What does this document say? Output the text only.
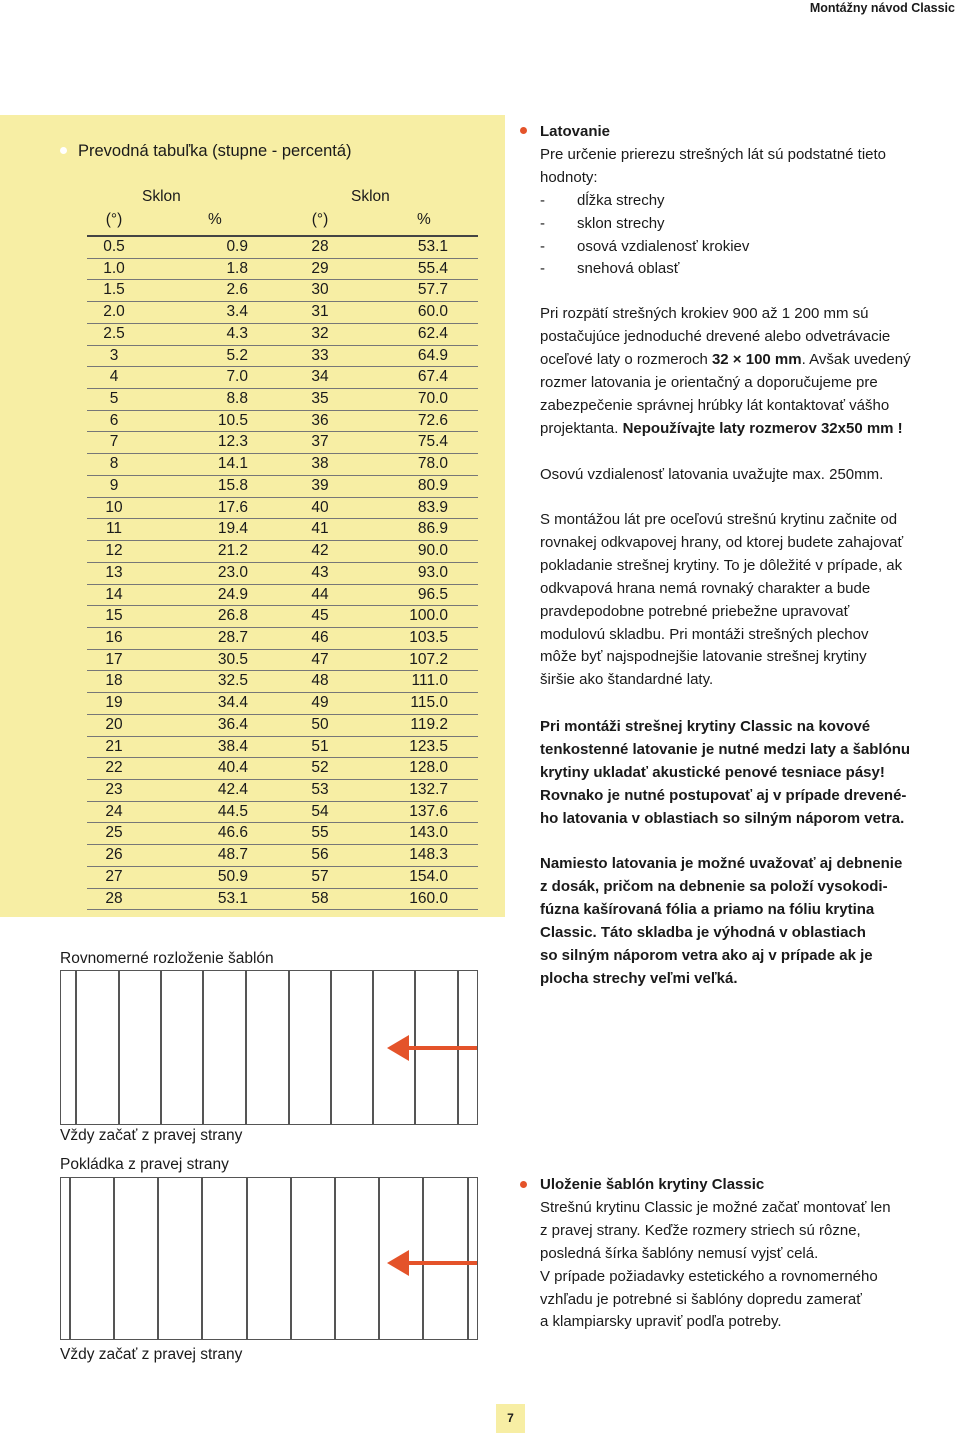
Montážny návod Classic
Prevodná tabuľka (stupne - percentá)
Sklon	Sklon
(°)	%	(°)	%
0.5	0.9	28	53.1
1.0	1.8	29	55.4
1.5	2.6	30	57.7
2.0	3.4	31	60.0
2.5	4.3	32	62.4
3	5.2	33	64.9
4	7.0	34	67.4
5	8.8	35	70.0
6	10.5	36	72.6
7	12.3	37	75.4
8	14.1	38	78.0
9	15.8	39	80.9
10	17.6	40	83.9
11	19.4	41	86.9
12	21.2	42	90.0
13	23.0	43	93.0
14	24.9	44	96.5
15	26.8	45	100.0
16	28.7	46	103.5
17	30.5	47	107.2
18	32.5	48	111.0
19	34.4	49	115.0
20	36.4	50	119.2
21	38.4	51	123.5
22	40.4	52	128.0
23	42.4	53	132.7
24	44.5	54	137.6
25	46.6	55	143.0
26	48.7	56	148.3
27	50.9	57	154.0
28	53.1	58	160.0
Rovnomerné rozloženie šablón
Vždy začať z pravej strany
Pokládka z pravej strany
Vždy začať z pravej strany

Latovanie

Pre určenie prierezu strešných lát sú podstatné tieto

hodnoty:

-	dĺžka strechy
-	sklon strechy
-	osová vzdialenosť krokiev
-	snehová oblasť

Pri rozpätí strešných krokiev 900 až 1 200 mm sú

postačujúce jednoduché drevené alebo odvetrávacie

oceľové laty o rozmeroch 32 × 100 mm. Avšak uvedený

rozmer latovania je orientačný a doporučujeme pre

zabezpečenie správnej hrúbky lát kontaktovať vášho

projektanta. Nepoužívajte laty rozmerov 32x50 mm !

Osovú vzdialenosť latovania uvažujte max. 250mm.

S montážou lát pre oceľovú strešnú krytinu začnite od

rovnakej odkvapovej hrany, od ktorej budete zahajovať

pokladanie strešnej krytiny. To je dôležité v prípade, ak

odkvapová hrana nemá rovnaký charakter a bude

pravdepodobne potrebné priebežne upravovať

modulovú skladbu. Pri montáži strešných plechov

môže byť najspodnejšie latovanie strešnej krytiny

širšie ako štandardné laty.

Pri montáži strešnej krytiny Classic na kovové

tenkostenné latovanie je nutné medzi laty a šablónu

krytiny ukladať akustické penové tesniace pásy!

Rovnako je nutné postupovať aj v prípade drevené-

ho latovania v oblastiach so silným náporom vetra.

Namiesto latovania je možné uvažovať aj debnenie

z dosák, pričom na debnenie sa položí vysokodi-

fúzna kašírovaná fólia a priamo na fóliu krytina

Classic. Táto skladba je výhodná v oblastiach

so silným náporom vetra ako aj v prípade ak je

plocha strechy veľmi veľká.

Uloženie šablón krytiny Classic

Strešnú krytinu Classic je možné začať montovať len

z pravej strany. Keďže rozmery striech sú rôzne,

posledná šírka šablóny nemusí vyjsť celá.

V prípade požiadavky estetického a rovnomerného

vzhľadu je potrebné si šablóny dopredu zamerať

a klampiarsky upraviť podľa potreby.

7
